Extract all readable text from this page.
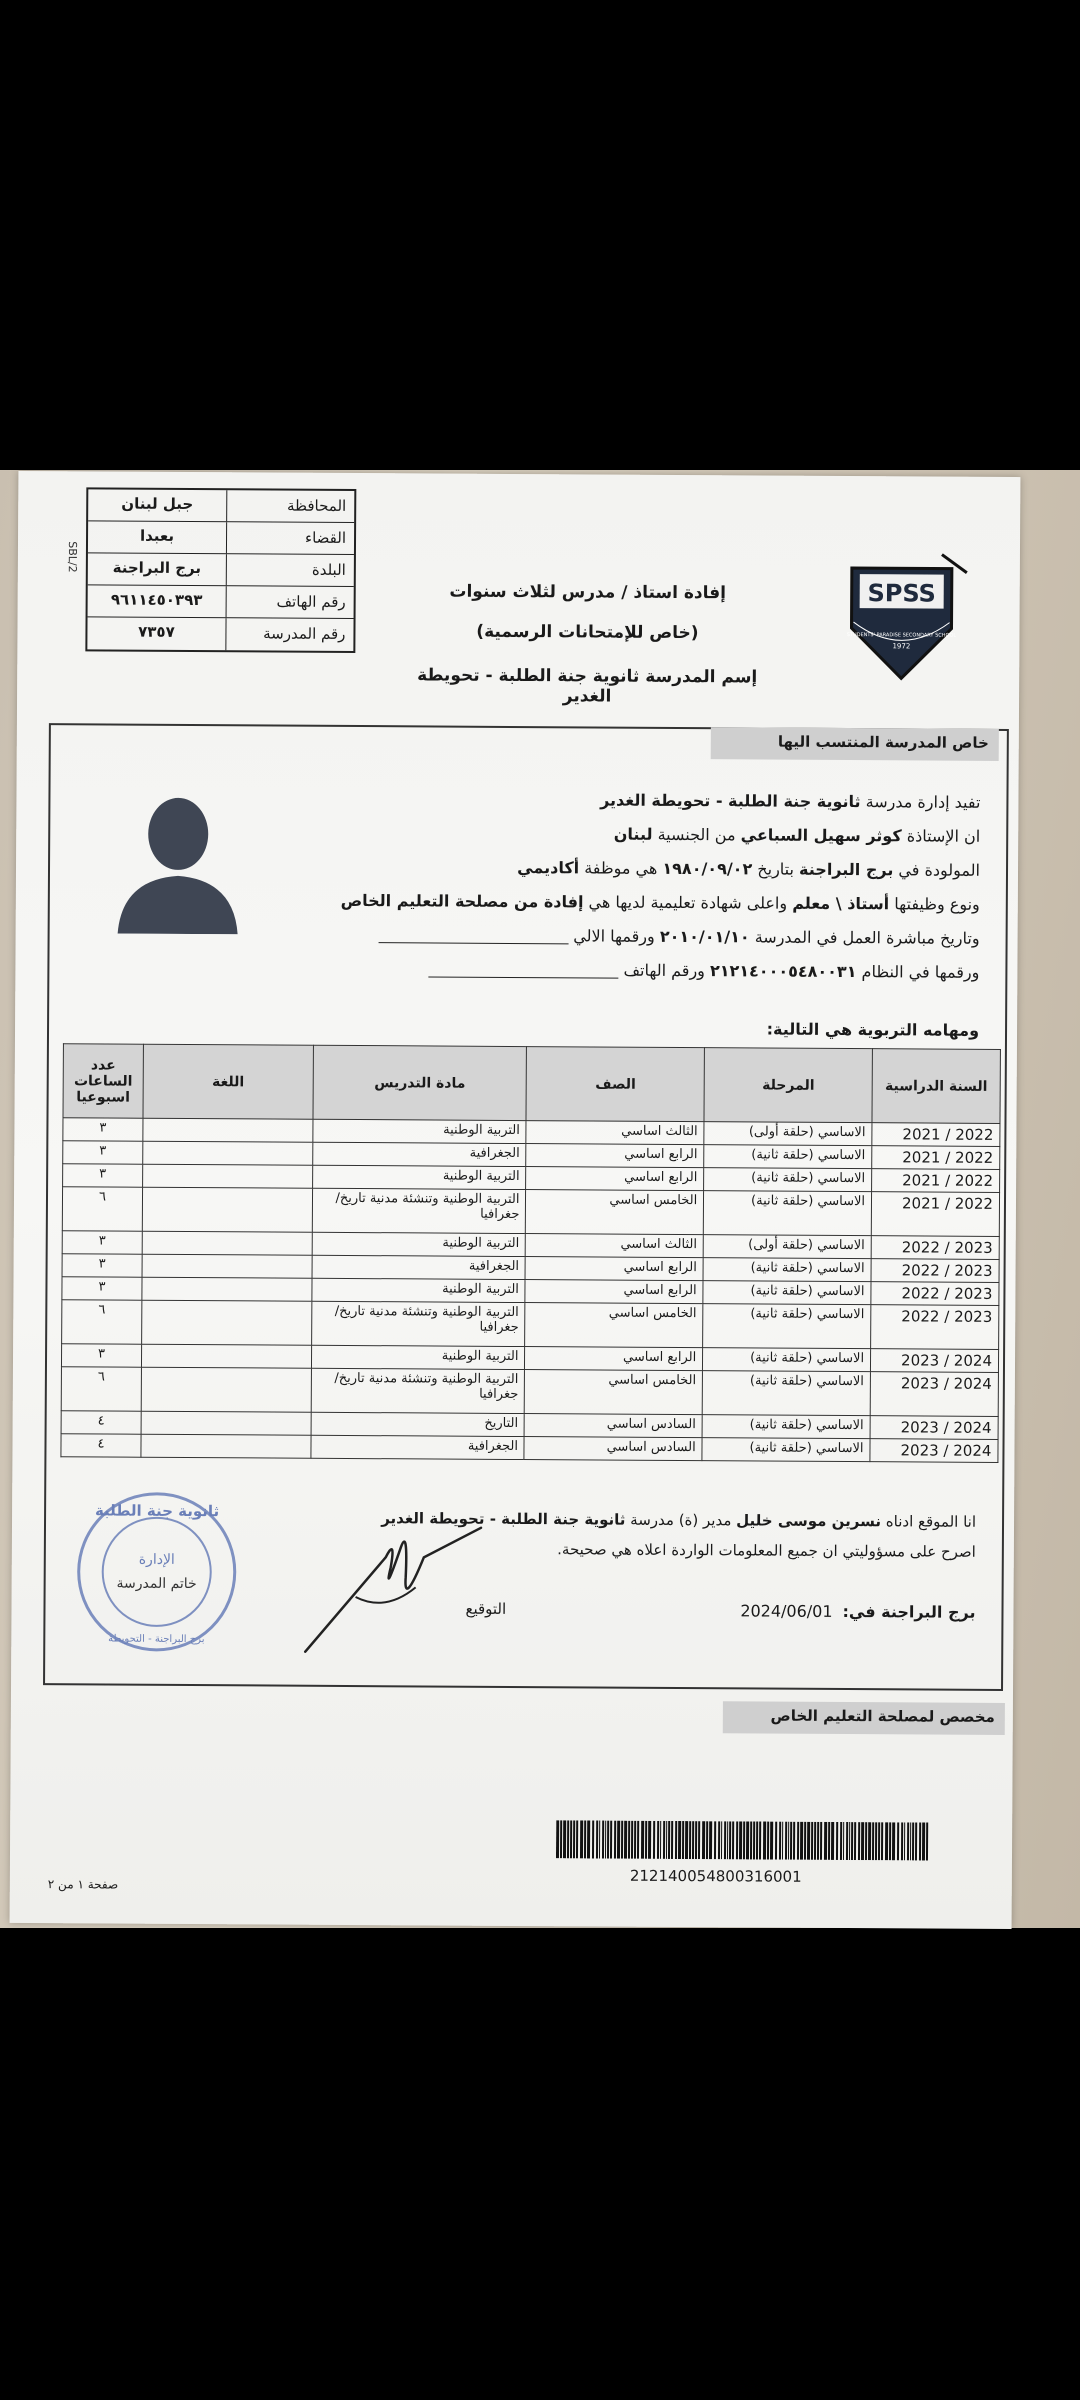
المحافظة
جبل لبنان
القضاء
بعبدا
البلدة
برج البراجنة
رقم الهاتف
٩٦١١٤٥٠٣٩٣
رقم المدرسة
٧٣٥٧
SBL/2
إفادة استاذ / مدرس لثلاث سنوات
(خاص للإمتحانات الرسمية)
إسم المدرسة ثانوية جنة الطلبة - تحويطة الغدير
SPSS
1972
STUDENTS' PARADISE SECONDARY SCHOOL
خاص المدرسة المنتسب اليها
تفيد إدارة مدرسة ثانوية جنة الطلبة - تحويطة الغدير
ان الإستاذة كوثر سهيل السباعي من الجنسية لبنان
المولودة في برج البراجنة بتاريخ ١٩٨٠/٠٩/٠٢ هي موظفة أكاديمي
ونوع وظيفتها أستاذ \ معلم واعلى شهادة تعليمية لديها هي إفادة من مصلحة التعليم الخاص
وتاريخ مباشرة العمل في المدرسة ٢٠١٠/٠١/١٠ ورقمها الالي
ورقمها في النظام ٢١٢١٤٠٠٠٥٤٨٠٠٣١ ورقم الهاتف
ومهامه التربوية هي التالية:
السنة الدراسية	المرحلة	الصف	مادة التدريس	اللغة	عدد الساعات اسبوعيا
2022 / 2021	الاساسي (حلقة أولى)	الثالث اساسي	التربية الوطنية		٣
2022 / 2021	الاساسي (حلقة ثانية)	الرابع اساسي	الجغرافية		٣
2022 / 2021	الاساسي (حلقة ثانية)	الرابع اساسي	التربية الوطنية		٣
2022 / 2021	الاساسي (حلقة ثانية)	الخامس اساسي	التربية الوطنية وتنشئة مدنية تاريخ/ جغرافيا		٦
2023 / 2022	الاساسي (حلقة أولى)	الثالث اساسي	التربية الوطنية		٣
2023 / 2022	الاساسي (حلقة ثانية)	الرابع اساسي	الجغرافية		٣
2023 / 2022	الاساسي (حلقة ثانية)	الرابع اساسي	التربية الوطنية		٣
2023 / 2022	الاساسي (حلقة ثانية)	الخامس اساسي	التربية الوطنية وتنشئة مدنية تاريخ/ جغرافيا		٦
2024 / 2023	الاساسي (حلقة ثانية)	الرابع اساسي	التربية الوطنية		٣
2024 / 2023	الاساسي (حلقة ثانية)	الخامس اساسي	التربية الوطنية وتنشئة مدنية تاريخ/ جغرافيا		٦
2024 / 2023	الاساسي (حلقة ثانية)	السادس اساسي	التاريخ		٤
2024 / 2023	الاساسي (حلقة ثانية)	السادس اساسي	الجغرافية		٤
انا الموقع ادناه نسرين موسى خليل مدير (ة) مدرسة ثانوية جنة الطلبة - تحويطة الغدير
اصرح على مسؤوليتي ان جميع المعلومات الواردة اعلاه هي صحيحة.
برج البراجنة في:2024/06/01
التوقيع
ثانوية جنة الطلبة
الإدارة
خاتم المدرسة
برج البراجنة - التحويطة
مخصص لمصلحة التعليم الخاص
212140054800316001
صفحة ١ من ٢
